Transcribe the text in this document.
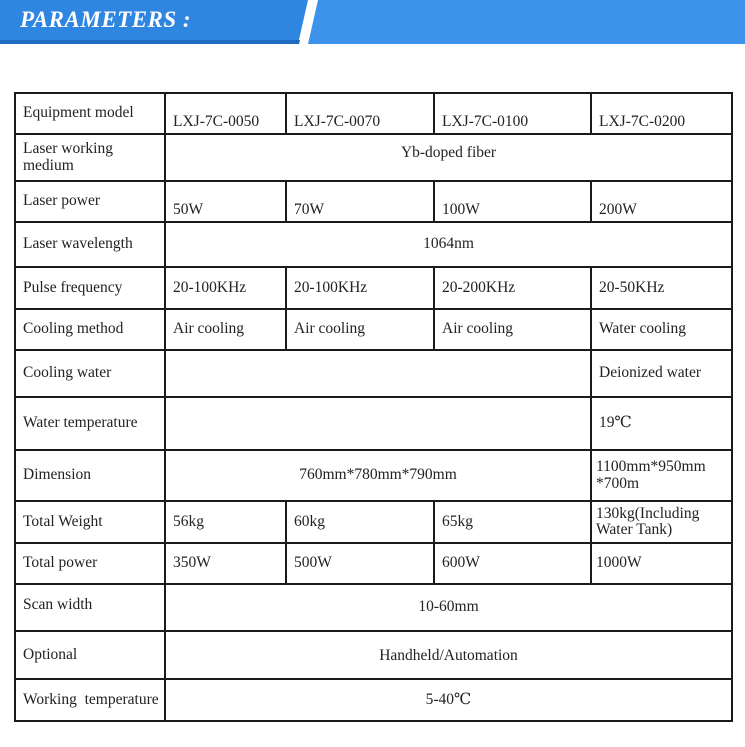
PARAMETERS :
Equipment model	LXJ-7C-0050	LXJ-7C-0070	LXJ-7C-0100	LXJ-7C-0200
Laser working medium	Yb-doped fiber			
Laser power	50W	70W	100W	200W
Laser wavelength	1064nm			
Pulse frequency	20-100KHz	20-100KHz	20-200KHz	20-50KHz
Cooling method	Air cooling	Air cooling	Air cooling	Water cooling
Cooling water				Deionized water
Water temperature				19℃
Dimension	760mm*780mm*790mm			1100mm*950mm *700m
Total Weight	56kg	60kg	65kg	130kg(Including Water Tank)
Total power	350W	500W	600W	1000W
Scan width	10-60mm			
Optional	Handheld/Automation			
Working  temperature	5-40℃			
